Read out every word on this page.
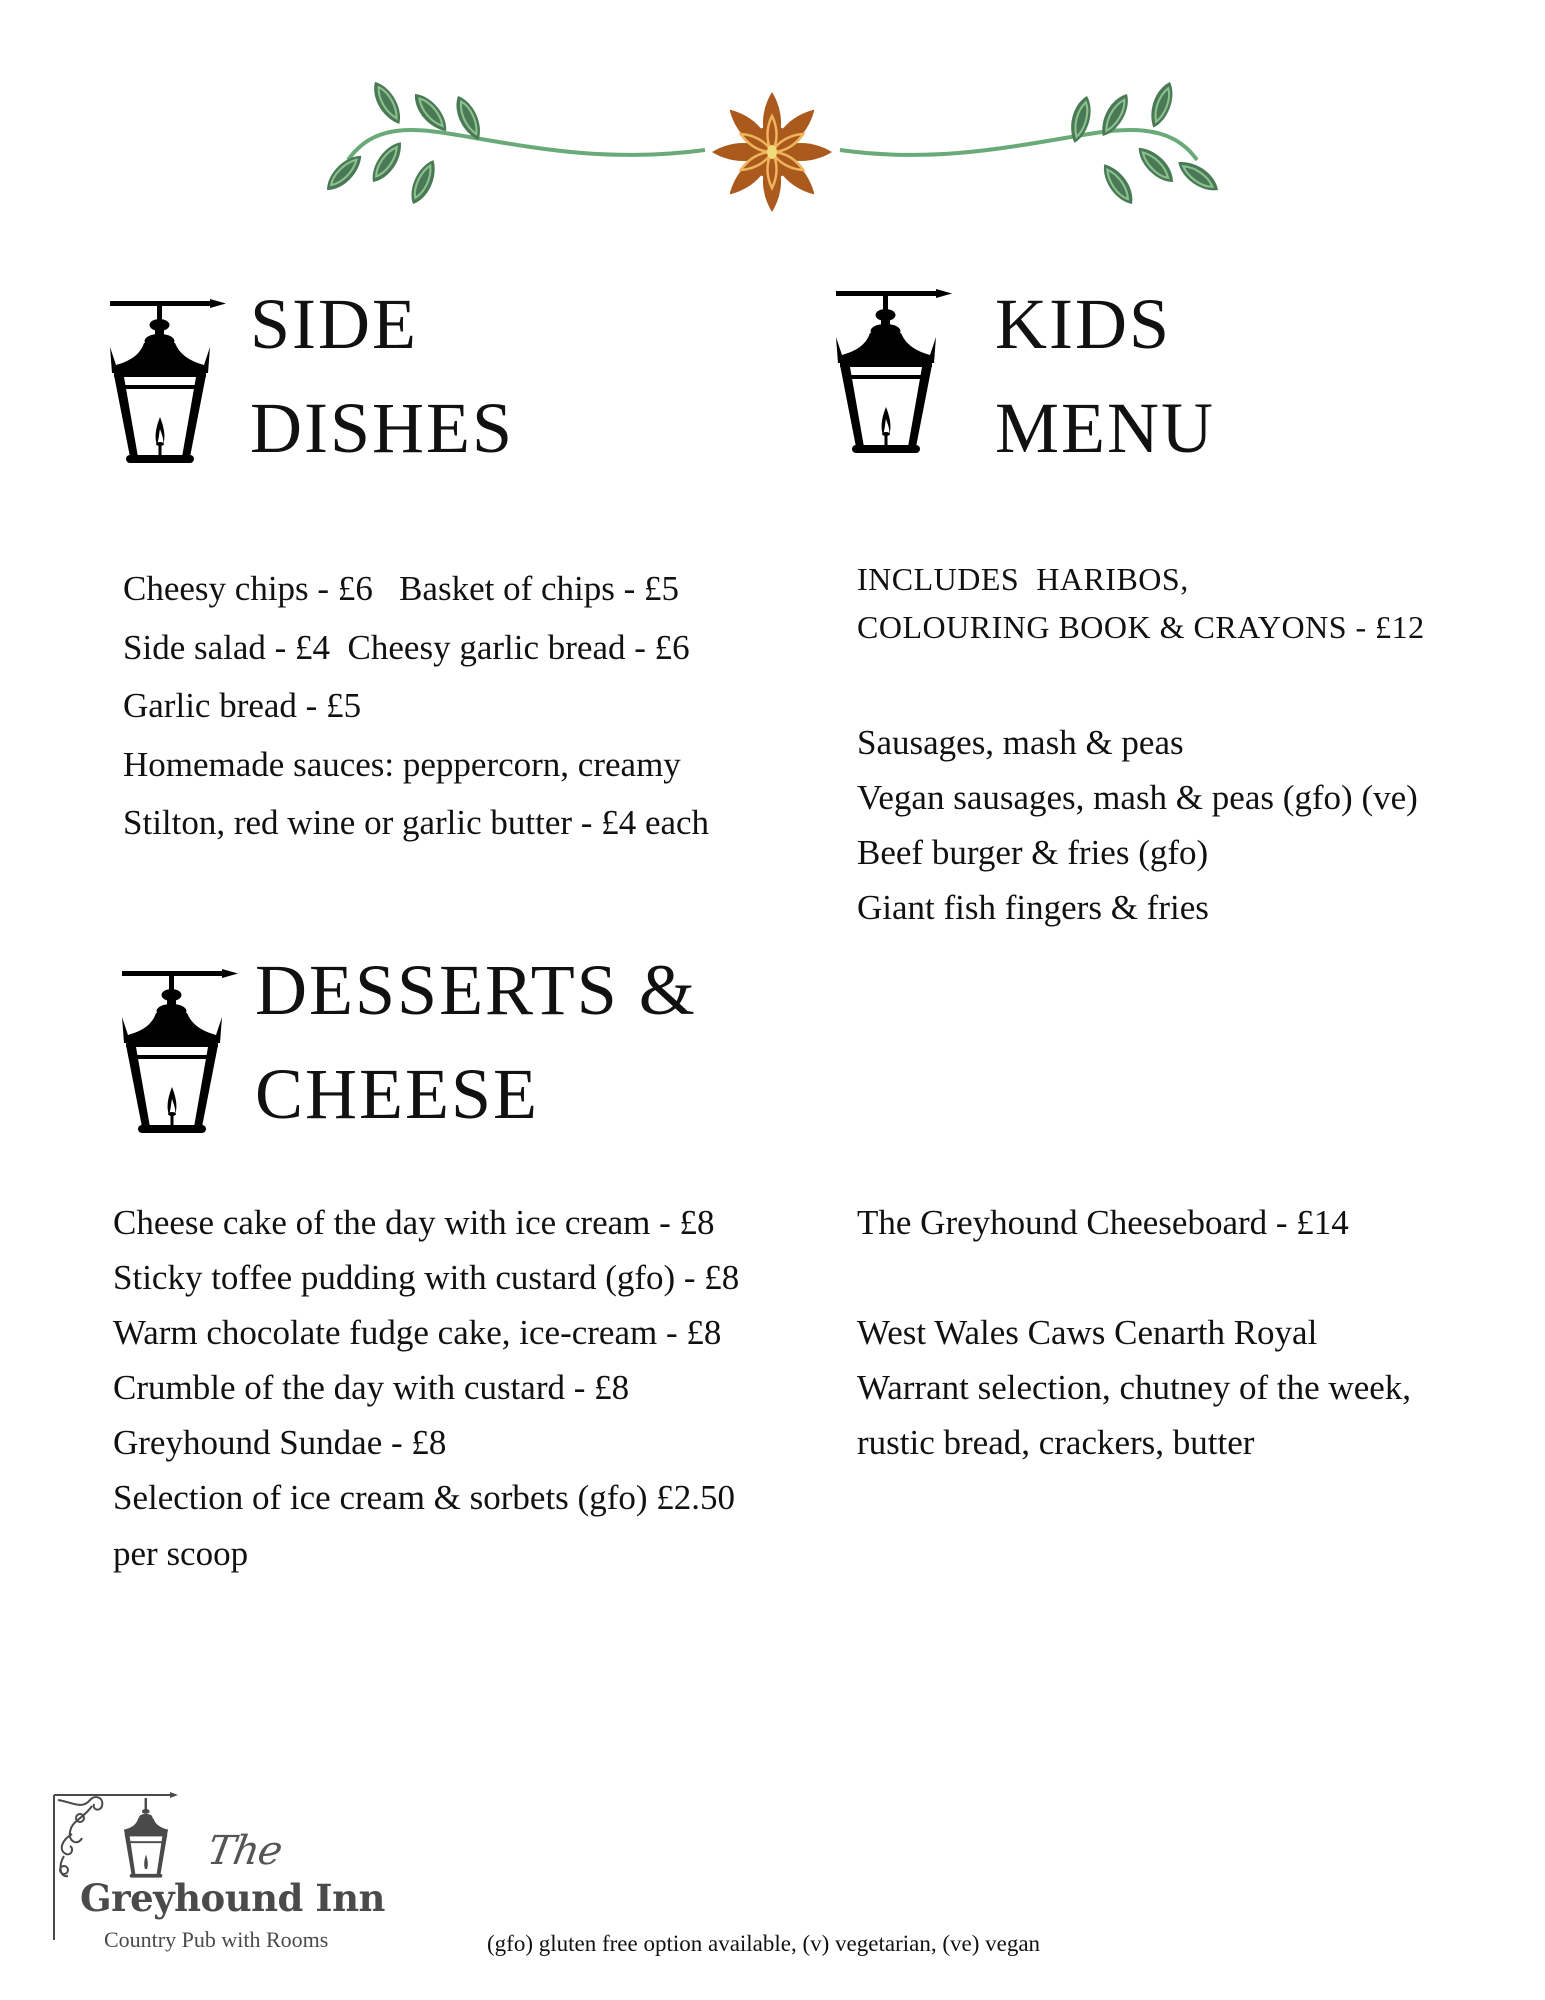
SIDE
DISHES
Cheesy chips - £6   Basket of chips - £5
Side salad - £4  Cheesy garlic bread - £6
Garlic bread - £5
Homemade sauces: peppercorn, creamy
Stilton, red wine or garlic butter - £4 each
KIDS
MENU
INCLUDES  HARIBOS,
COLOURING BOOK & CRAYONS - £12
Sausages, mash & peas
Vegan sausages, mash & peas (gfo) (ve)
Beef burger & fries (gfo)
Giant fish fingers & fries
DESSERTS &
CHEESE
Cheese cake of the day with ice cream - £8
Sticky toffee pudding with custard (gfo) - £8
Warm chocolate fudge cake, ice-cream - £8
Crumble of the day with custard - £8
Greyhound Sundae - £8
Selection of ice cream & sorbets (gfo) £2.50
per scoop
The Greyhound Cheeseboard - £14
West Wales Caws Cenarth Royal
Warrant selection, chutney of the week,
rustic bread, crackers, butter
The
Greyhound Inn
Country Pub with Rooms	(gfo) gluten free option available, (v) vegetarian, (ve) vegan
